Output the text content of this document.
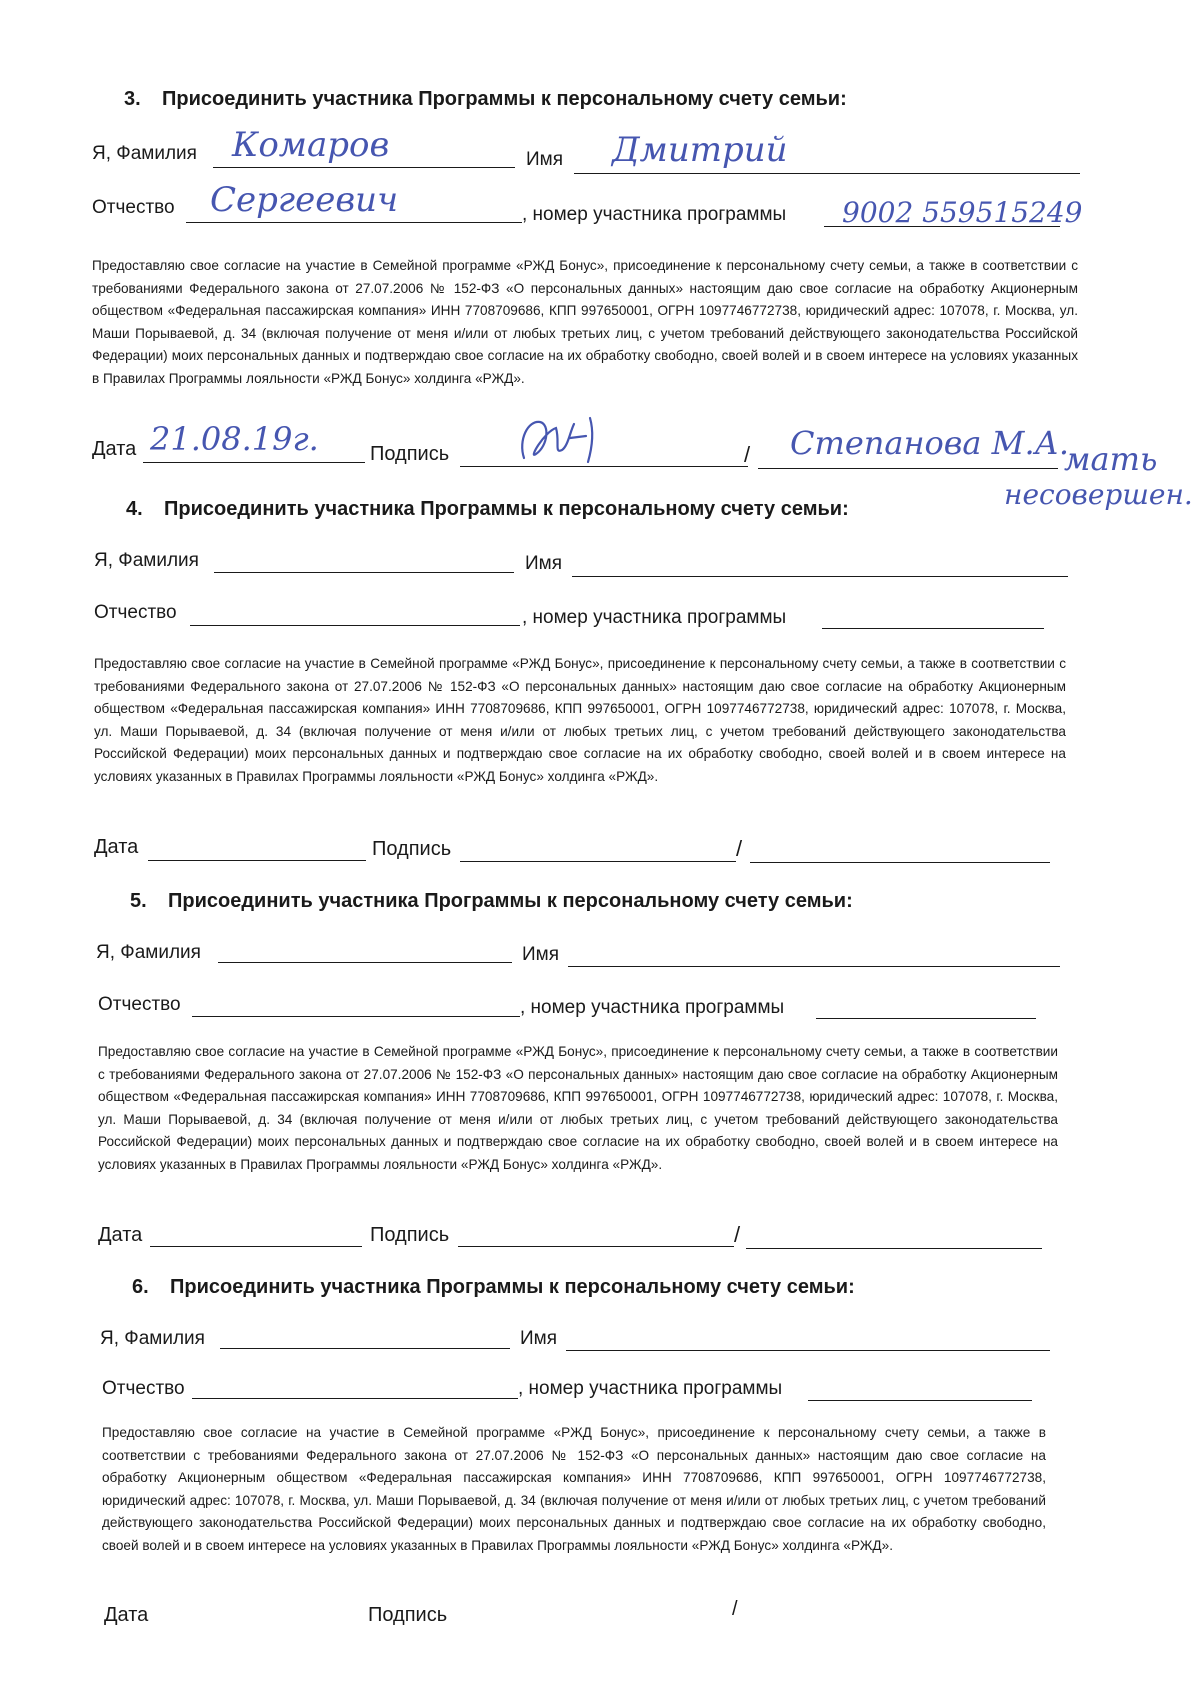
3. Присоединить участника Программы к персональному счету семьи:
Я, Фамилия Комаров	Имя Дмитрий
Отчество Сергеевич	, номер участника программы 9002 559515249
Предоставляю свое согласие на участие в Семейной программе «РЖД Бонус», присоединение к персональному счету семьи, а также в соответствии с требованиями Федерального закона от 27.07.2006 № 152-ФЗ «О персональных данных» настоящим даю свое согласие на обработку Акционерным обществом «Федеральная пассажирская компания» ИНН 7708709686, КПП 997650001, ОГРН 1097746772738, юридический адрес: 107078, г. Москва, ул. Маши Порываевой, д. 34 (включая получение от меня и/или от любых третьих лиц, с учетом требований действующего законодательства Российской Федерации) моих персональных данных и подтверждаю свое согласие на их обработку свободно, своей волей и в своем интересе на условиях указанных в Правилах Программы лояльности «РЖД Бонус» холдинга «РЖД».
Дата 21.08.19г.	Подпись	/ Степанова М.А.
мать
несовершен.
4. Присоединить участника Программы к персональному счету семьи:
Я, Фамилия	Имя
Отчество	, номер участника программы
Предоставляю свое согласие на участие в Семейной программе «РЖД Бонус», присоединение к персональному счету семьи, а также в соответствии с требованиями Федерального закона от 27.07.2006 № 152-ФЗ «О персональных данных» настоящим даю свое согласие на обработку Акционерным обществом «Федеральная пассажирская компания» ИНН 7708709686, КПП 997650001, ОГРН 1097746772738, юридический адрес: 107078, г. Москва, ул. Маши Порываевой, д. 34 (включая получение от меня и/или от любых третьих лиц, с учетом требований действующего законодательства Российской Федерации) моих персональных данных и подтверждаю свое согласие на их обработку свободно, своей волей и в своем интересе на условиях указанных в Правилах Программы лояльности «РЖД Бонус» холдинга «РЖД».
Дата	Подпись	/
5. Присоединить участника Программы к персональному счету семьи:
Я, Фамилия	Имя
Отчество	, номер участника программы
Предоставляю свое согласие на участие в Семейной программе «РЖД Бонус», присоединение к персональному счету семьи, а также в соответствии с требованиями Федерального закона от 27.07.2006 № 152-ФЗ «О персональных данных» настоящим даю свое согласие на обработку Акционерным обществом «Федеральная пассажирская компания» ИНН 7708709686, КПП 997650001, ОГРН 1097746772738, юридический адрес: 107078, г. Москва, ул. Маши Порываевой, д. 34 (включая получение от меня и/или от любых третьих лиц, с учетом требований действующего законодательства Российской Федерации) моих персональных данных и подтверждаю свое согласие на их обработку свободно, своей волей и в своем интересе на условиях указанных в Правилах Программы лояльности «РЖД Бонус» холдинга «РЖД».
Дата	Подпись	/
6. Присоединить участника Программы к персональному счету семьи:
Я, Фамилия	Имя
Отчество	, номер участника программы
Предоставляю свое согласие на участие в Семейной программе «РЖД Бонус», присоединение к персональному счету семьи, а также в соответствии с требованиями Федерального закона от 27.07.2006 № 152-ФЗ «О персональных данных» настоящим даю свое согласие на обработку Акционерным обществом «Федеральная пассажирская компания» ИНН 7708709686, КПП 997650001, ОГРН 1097746772738, юридический адрес: 107078, г. Москва, ул. Маши Порываевой, д. 34 (включая получение от меня и/или от любых третьих лиц, с учетом требований действующего законодательства Российской Федерации) моих персональных данных и подтверждаю свое согласие на их обработку свободно, своей волей и в своем интересе на условиях указанных в Правилах Программы лояльности «РЖД Бонус» холдинга «РЖД».
Дата	Подпись	/
